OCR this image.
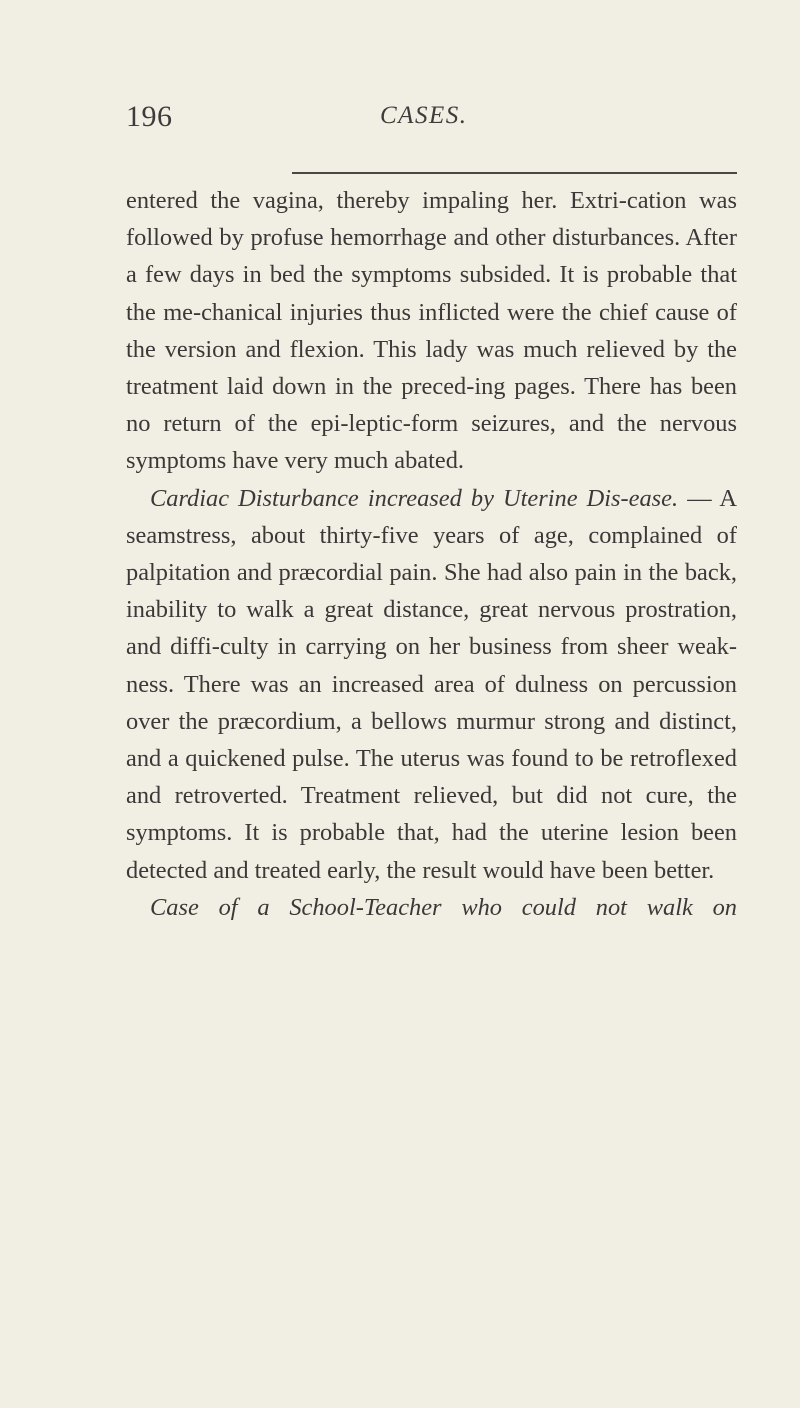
196	CASES.

entered the vagina, thereby impaling her. Extri-cation was followed by profuse hemorrhage and other disturbances. After a few days in bed the symptoms subsided. It is probable that the me-chanical injuries thus inflicted were the chief cause of the version and flexion. This lady was much relieved by the treatment laid down in the preced-ing pages. There has been no return of the epi-leptic-form seizures, and the nervous symptoms have very much abated.

Cardiac Disturbance increased by Uterine Dis-ease. — A seamstress, about thirty-five years of age, complained of palpitation and præcordial pain. She had also pain in the back, inability to walk a great distance, great nervous prostration, and diffi-culty in carrying on her business from sheer weak-ness. There was an increased area of dulness on percussion over the præcordium, a bellows murmur strong and distinct, and a quickened pulse. The uterus was found to be retroflexed and retroverted. Treatment relieved, but did not cure, the symptoms. It is probable that, had the uterine lesion been detected and treated early, the result would have been better.

Case of a School-Teacher who could not walk on
